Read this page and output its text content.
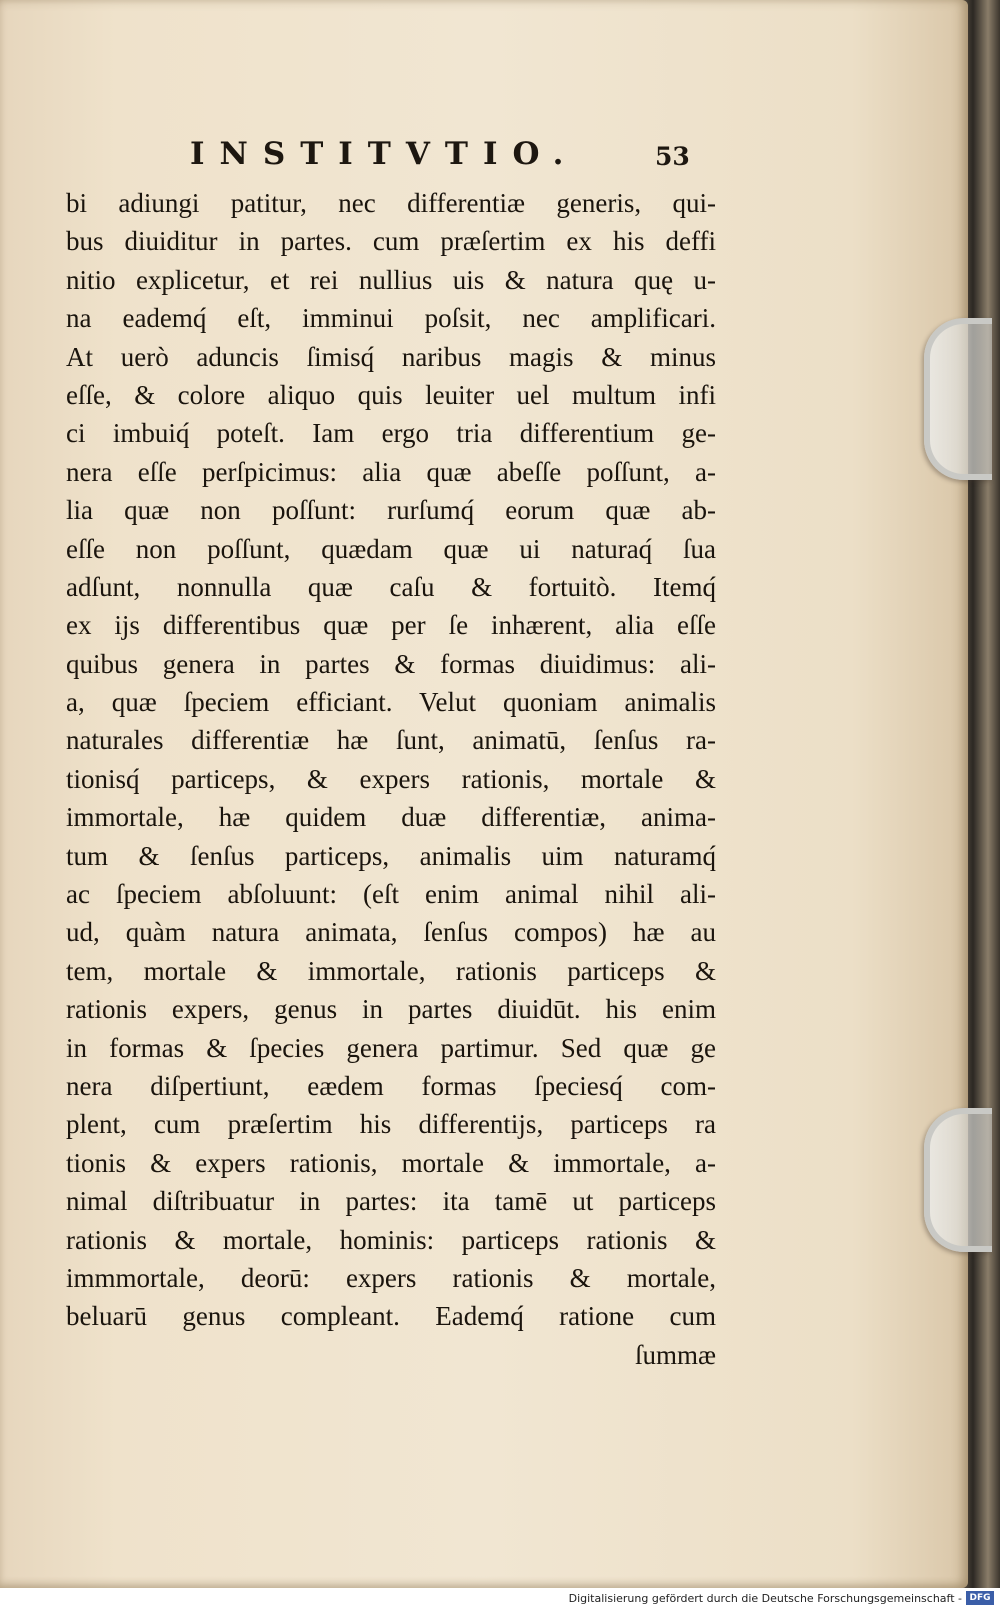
INSTITVTIO.	53
bi adiungi patitur, nec differentiæ generis, qui-
bus diuiditur in partes. cum præſertim ex his deffi
nitio explicetur, et rei nullius uis & natura quę u-
na eademq́ eſt, imminui poſsit, nec amplificari.
At uerò aduncis ſimisq́ naribus magis & minus
eſſe, & colore aliquo quis leuiter uel multum infi
ci imbuiq́ poteſt. Iam ergo tria differentium ge-
nera eſſe perſpicimus: alia quæ abeſſe poſſunt, a-
lia quæ non poſſunt: rurſumq́ eorum quæ ab-
eſſe non poſſunt, quædam quæ ui naturaq́ ſua
adſunt, nonnulla quæ caſu & fortuitò. Itemq́
ex ijs differentibus quæ per ſe inhærent, alia eſſe
quibus genera in partes & formas diuidimus: ali-
a, quæ ſpeciem efficiant. Velut quoniam animalis
naturales differentiæ hæ ſunt, animatū, ſenſus ra-
tionisq́ particeps, & expers rationis, mortale &
immortale, hæ quidem duæ differentiæ, anima-
tum & ſenſus particeps, animalis uim naturamq́
ac ſpeciem abſoluunt: (eſt enim animal nihil ali-
ud, quàm natura animata, ſenſus compos) hæ au
tem, mortale & immortale, rationis particeps &
rationis expers, genus in partes diuidūt. his enim
in formas & ſpecies genera partimur. Sed quæ ge
nera diſpertiunt, eædem formas ſpeciesq́ com-
plent, cum præſertim his differentijs, particeps ra
tionis & expers rationis, mortale & immortale, a-
nimal diſtribuatur in partes: ita tamē ut particeps
rationis & mortale, hominis: particeps rationis &
immmortale, deorū: expers rationis & mortale,
beluarū genus compleant. Eademq́ ratione cum
ſummæ
Digitalisierung gefördert durch die Deutsche Forschungsgemeinschaft - DFG
